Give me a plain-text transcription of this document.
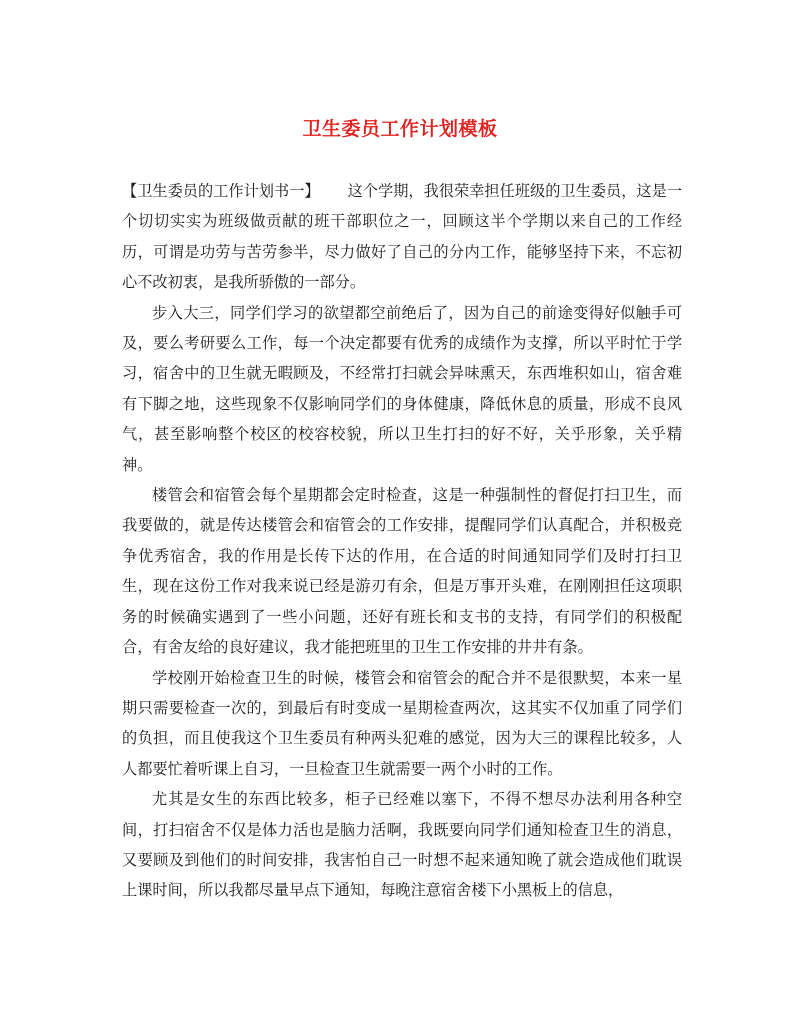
卫生委员工作计划模板

【卫生委员的工作计划书一】 这个学期，我很荣幸担任班级的卫生委员，这是一个切切实实为班级做贡献的班干部职位之一，回顾这半个学期以来自己的工作经历，可谓是功劳与苦劳参半，尽力做好了自己的分内工作，能够坚持下来，不忘初心不改初衷，是我所骄傲的一部分。

步入大三，同学们学习的欲望都空前绝后了，因为自己的前途变得好似触手可及，要么考研要么工作，每一个决定都要有优秀的成绩作为支撑，所以平时忙于学习，宿舍中的卫生就无暇顾及，不经常打扫就会异味熏天，东西堆积如山，宿舍难有下脚之地，这些现象不仅影响同学们的身体健康，降低休息的质量，形成不良风气，甚至影响整个校区的校容校貌，所以卫生打扫的好不好，关乎形象，关乎精神。

楼管会和宿管会每个星期都会定时检查，这是一种强制性的督促打扫卫生，而我要做的，就是传达楼管会和宿管会的工作安排，提醒同学们认真配合，并积极竞争优秀宿舍，我的作用是长传下达的作用，在合适的时间通知同学们及时打扫卫生，现在这份工作对我来说已经是游刃有余，但是万事开头难，在刚刚担任这项职务的时候确实遇到了一些小问题，还好有班长和支书的支持，有同学们的积极配合，有舍友给的良好建议，我才能把班里的卫生工作安排的井井有条。

学校刚开始检查卫生的时候，楼管会和宿管会的配合并不是很默契，本来一星期只需要检查一次的，到最后有时变成一星期检查两次，这其实不仅加重了同学们的负担，而且使我这个卫生委员有种两头犯难的感觉，因为大三的课程比较多，人人都要忙着听课上自习，一旦检查卫生就需要一两个小时的工作。

尤其是女生的东西比较多，柜子已经难以塞下，不得不想尽办法利用各种空间，打扫宿舍不仅是体力活也是脑力活啊，我既要向同学们通知检查卫生的消息，又要顾及到他们的时间安排，我害怕自己一时想不起来通知晚了就会造成他们耽误上课时间，所以我都尽量早点下通知，每晚注意宿舍楼下小黑板上的信息，
